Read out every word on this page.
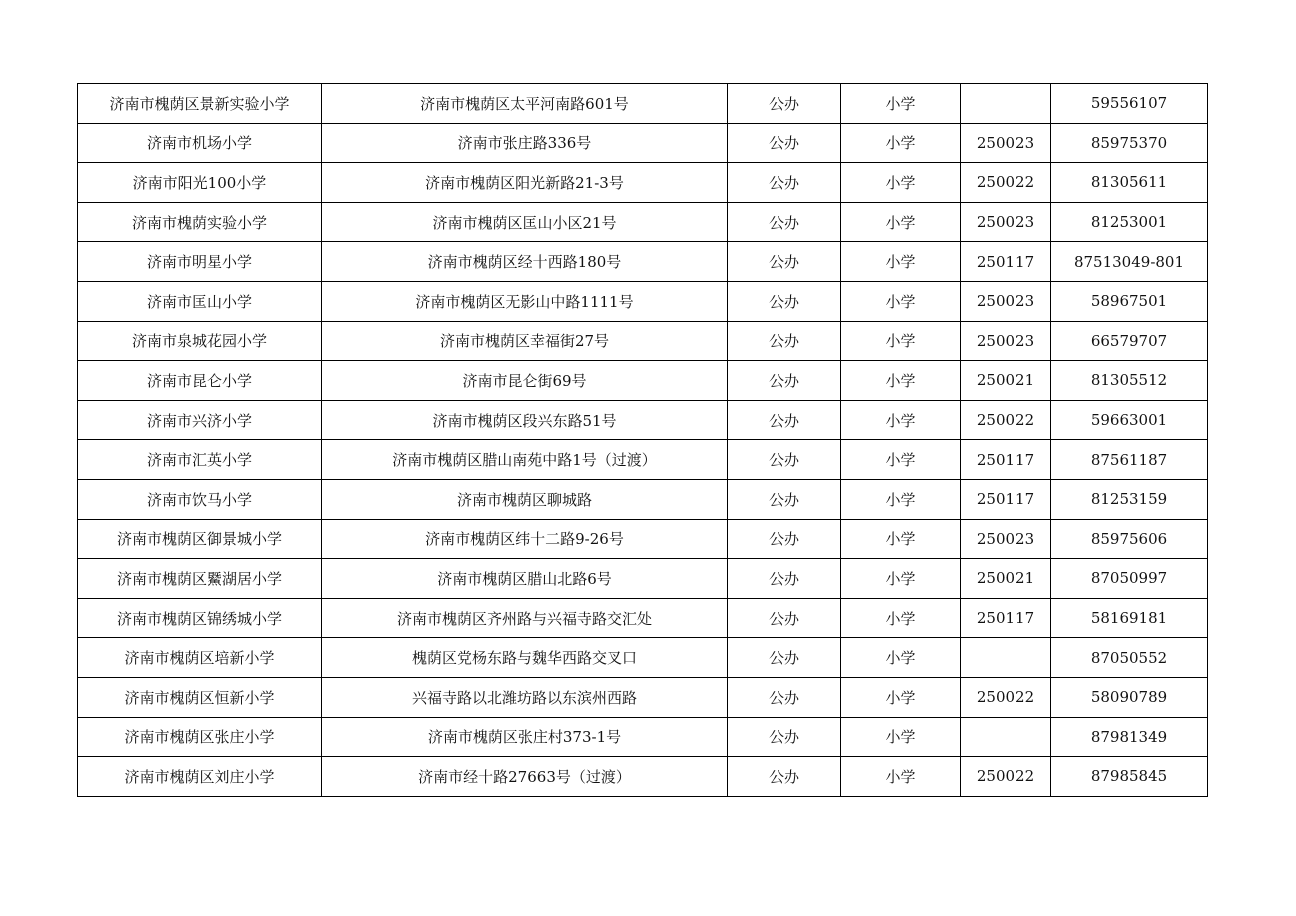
济南市槐荫区景新实验小学	济南市槐荫区太平河南路601号	公办	小学		59556107
济南市机场小学	济南市张庄路336号	公办	小学	250023	85975370
济南市阳光100小学	济南市槐荫区阳光新路21-3号	公办	小学	250022	81305611
济南市槐荫实验小学	济南市槐荫区匡山小区21号	公办	小学	250023	81253001
济南市明星小学	济南市槐荫区经十西路180号	公办	小学	250117	87513049-801
济南市匡山小学	济南市槐荫区无影山中路1111号	公办	小学	250023	58967501
济南市泉城花园小学	济南市槐荫区幸福街27号	公办	小学	250023	66579707
济南市昆仑小学	济南市昆仑街69号	公办	小学	250021	81305512
济南市兴济小学	济南市槐荫区段兴东路51号	公办	小学	250022	59663001
济南市汇英小学	济南市槐荫区腊山南苑中路1号（过渡）	公办	小学	250117	87561187
济南市饮马小学	济南市槐荫区聊城路	公办	小学	250117	81253159
济南市槐荫区御景城小学	济南市槐荫区纬十二路9-26号	公办	小学	250023	85975606
济南市槐荫区鱀湖居小学	济南市槐荫区腊山北路6号	公办	小学	250021	87050997
济南市槐荫区锦绣城小学	济南市槐荫区齐州路与兴福寺路交汇处	公办	小学	250117	58169181
济南市槐荫区培新小学	槐荫区党杨东路与魏华西路交叉口	公办	小学		87050552
济南市槐荫区恒新小学	兴福寺路以北潍坊路以东滨州西路	公办	小学	250022	58090789
济南市槐荫区张庄小学	济南市槐荫区张庄村373-1号	公办	小学		87981349
济南市槐荫区刘庄小学	济南市经十路27663号（过渡）	公办	小学	250022	87985845
